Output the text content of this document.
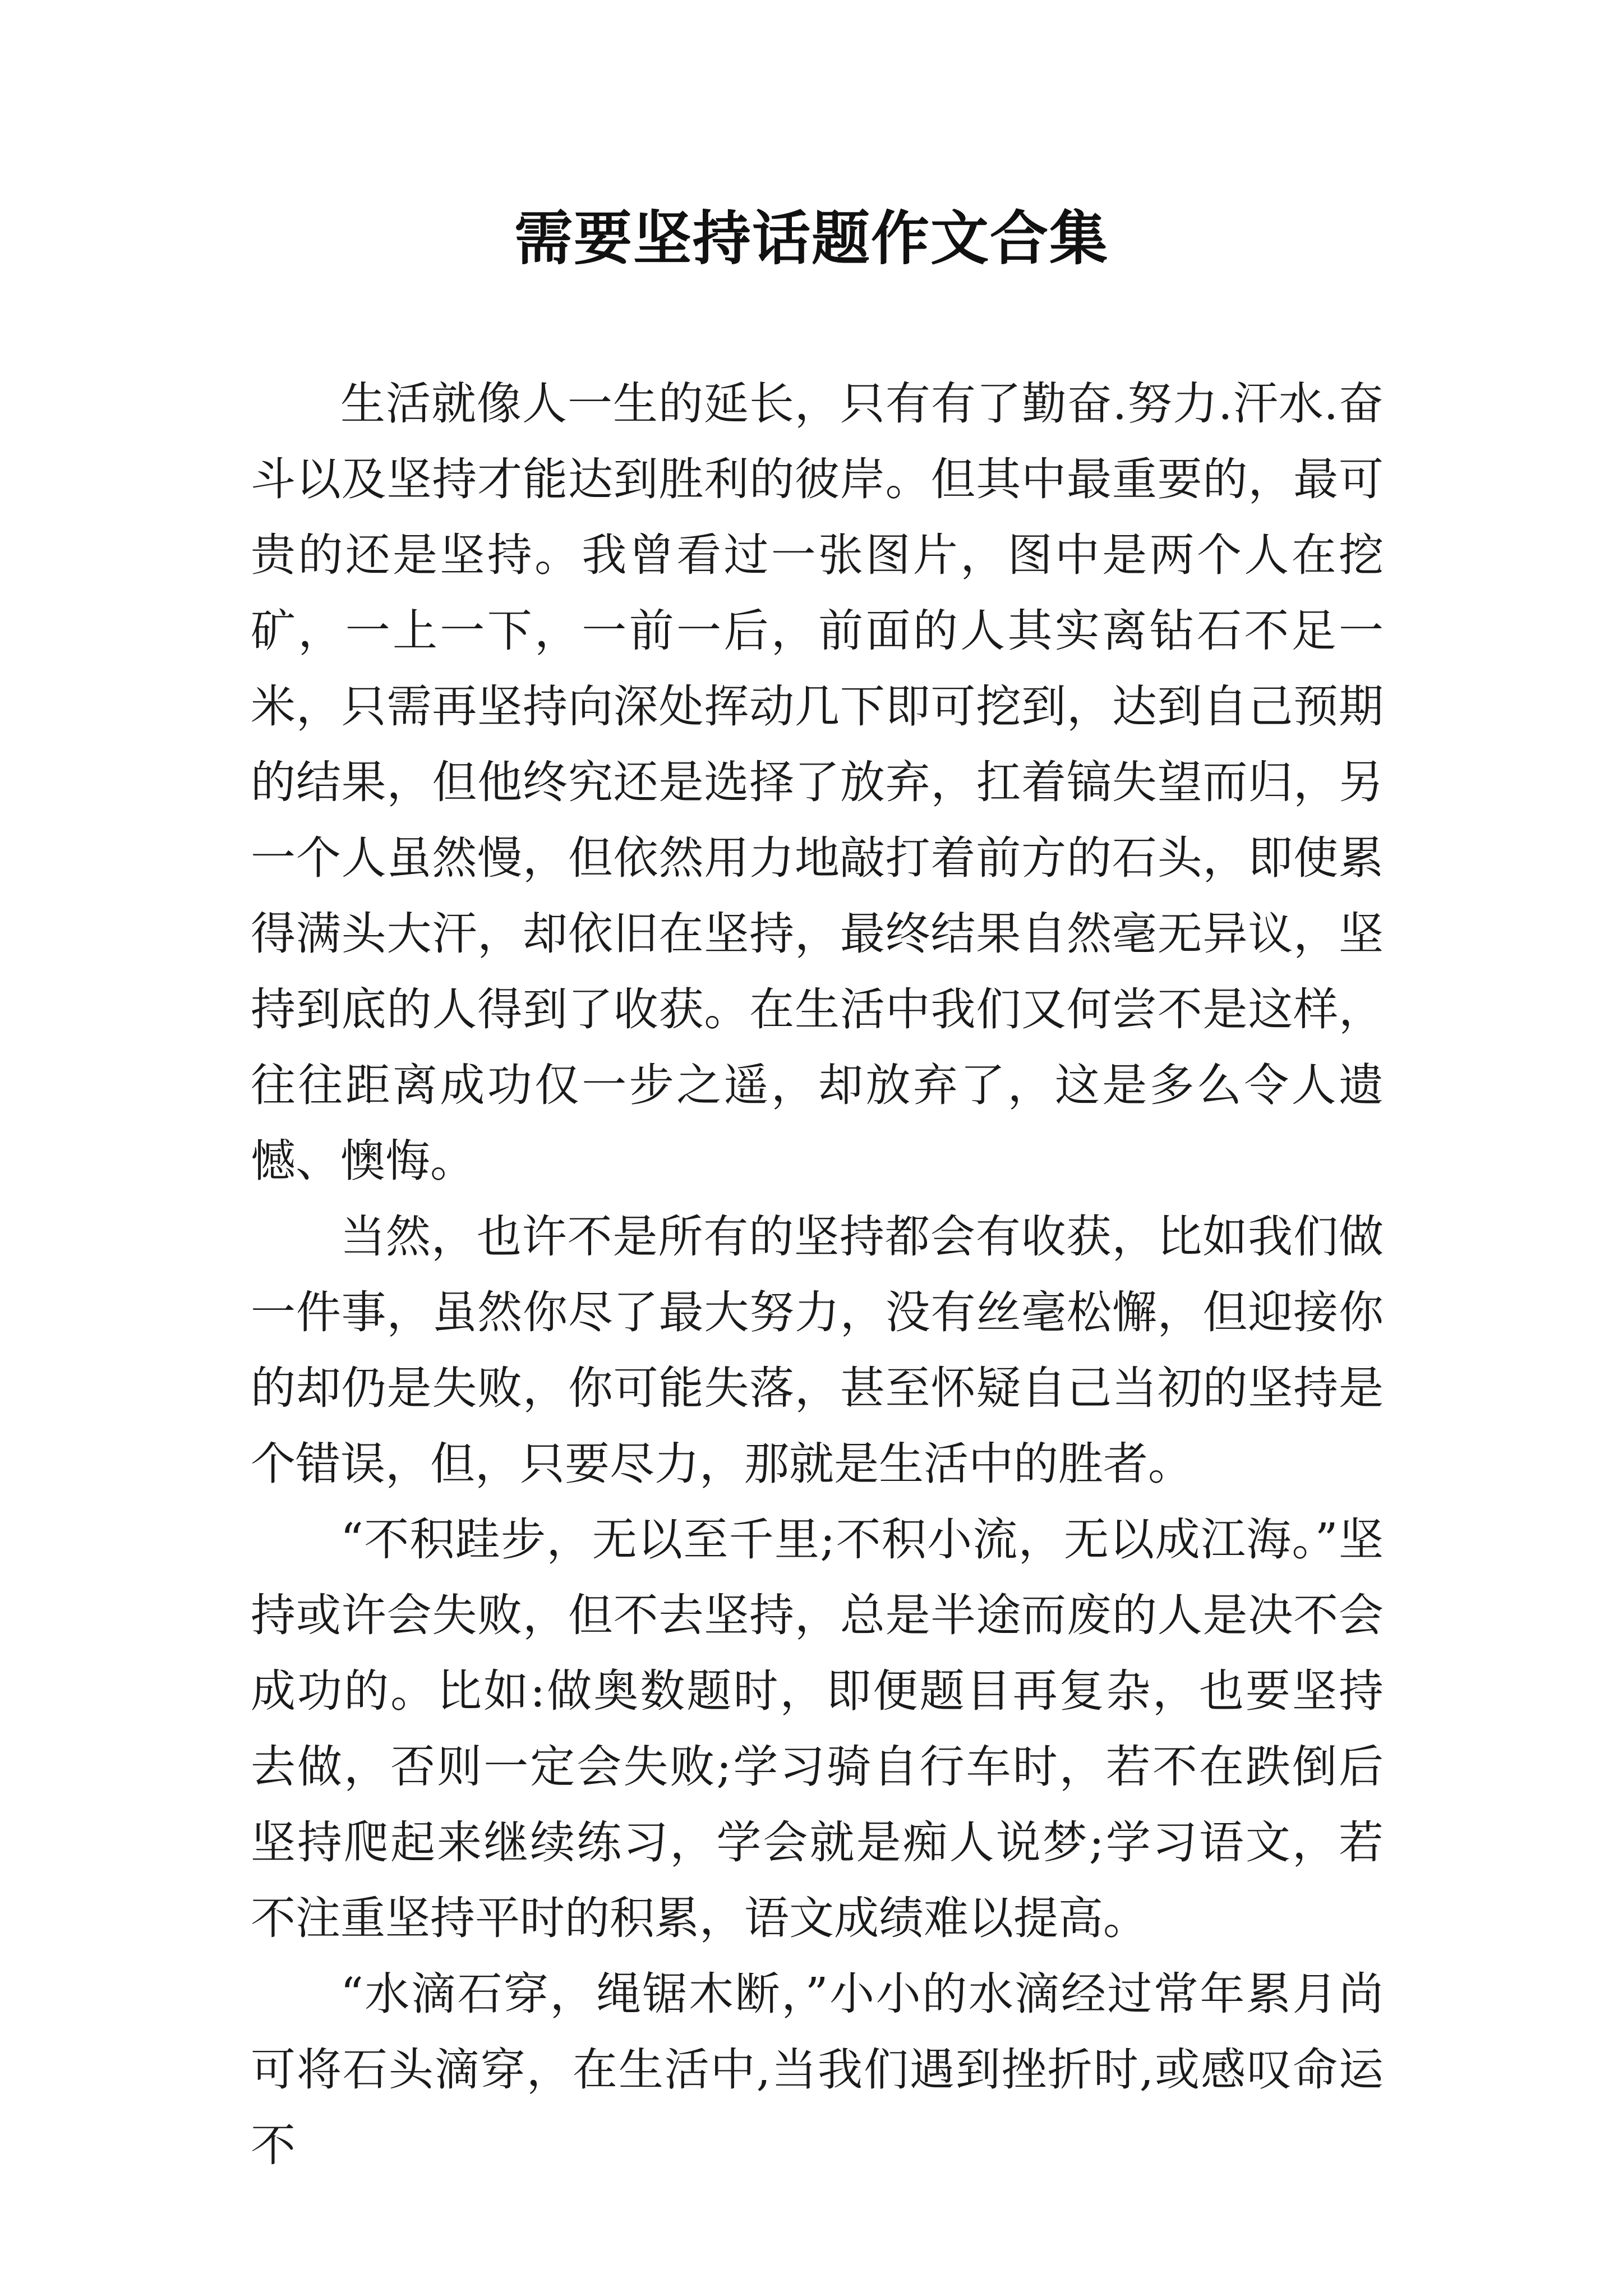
需要坚持话题作文合集

生活就像人一生的延长，只有有了勤奋.努力.汗水.奋斗以及坚持才能达到胜利的彼岸。但其中最重要的，最可贵的还是坚持。我曾看过一张图片，图中是两个人在挖矿，一上一下，一前一后，前面的人其实离钻石不足一米，只需再坚持向深处挥动几下即可挖到，达到自己预期的结果，但他终究还是选择了放弃，扛着镐失望而归，另一个人虽然慢，但依然用力地敲打着前方的石头，即使累得满头大汗，却依旧在坚持，最终结果自然毫无异议，坚持到底的人得到了收获。在生活中我们又何尝不是这样，往往距离成功仅一步之遥，却放弃了，这是多么令人遗憾、懊悔。

当然，也许不是所有的坚持都会有收获，比如我们做一件事，虽然你尽了最大努力，没有丝毫松懈，但迎接你的却仍是失败，你可能失落，甚至怀疑自己当初的坚持是个错误，但，只要尽力，那就是生活中的胜者。

“不积跬步，无以至千里;不积小流，无以成江海。”坚持或许会失败，但不去坚持，总是半途而废的人是决不会成功的。比如:做奥数题时，即便题目再复杂，也要坚持去做，否则一定会失败;学习骑自行车时，若不在跌倒后坚持爬起来继续练习，学会就是痴人说梦;学习语文，若不注重坚持平时的积累，语文成绩难以提高。

“水滴石穿，绳锯木断，”小小的水滴经过常年累月尚可将石头滴穿，在生活中,当我们遇到挫折时,或感叹命运不
